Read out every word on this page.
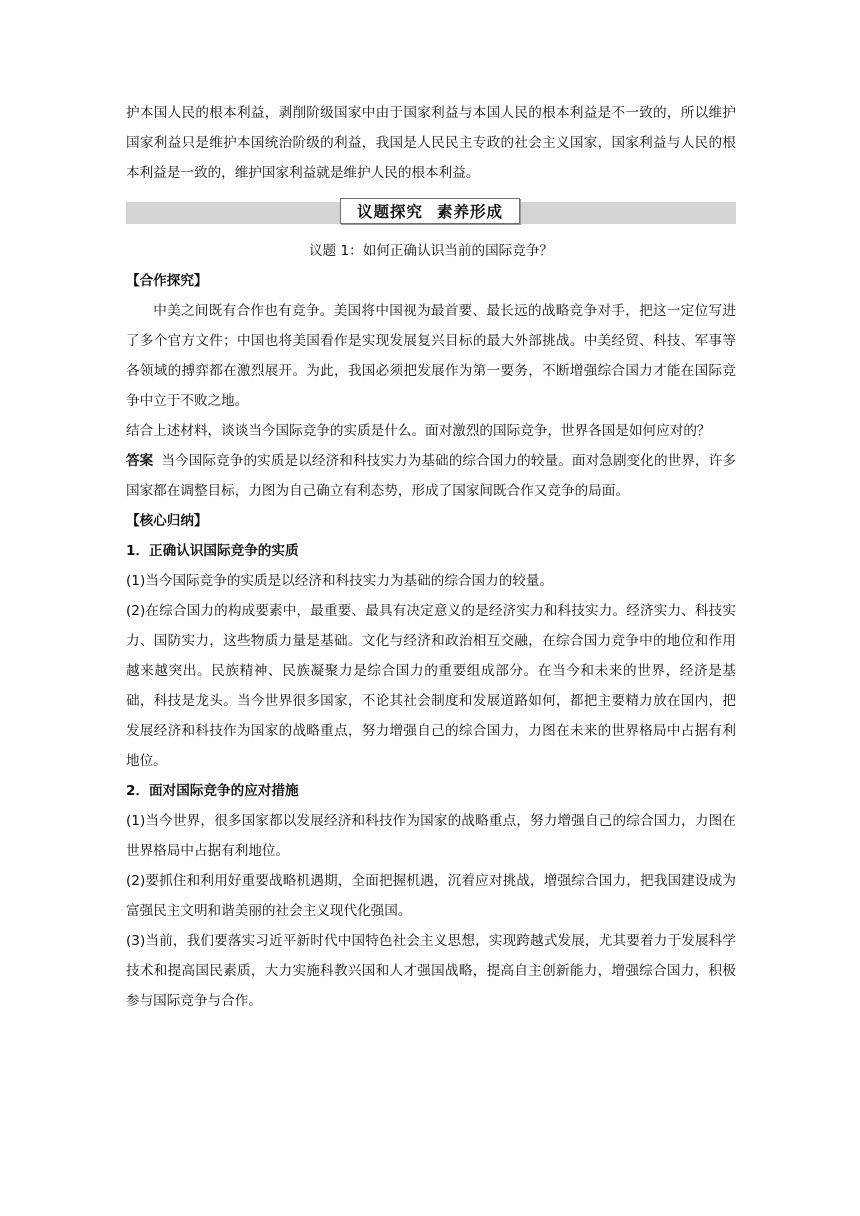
护本国人民的根本利益，剥削阶级国家中由于国家利益与本国人民的根本利益是不一致的，所以维护国家利益只是维护本国统治阶级的利益，我国是人民民主专政的社会主义国家，国家利益与人民的根本利益是一致的，维护国家利益就是维护人民的根本利益。

议题探究 素养形成

议题 1：如何正确认识当前的国际竞争？

【合作探究】

中美之间既有合作也有竞争。美国将中国视为最首要、最长远的战略竞争对手，把这一定位写进了多个官方文件；中国也将美国看作是实现发展复兴目标的最大外部挑战。中美经贸、科技、军事等各领域的搏弈都在激烈展开。为此，我国必须把发展作为第一要务，不断增强综合国力才能在国际竞争中立于不败之地。

结合上述材料，谈谈当今国际竞争的实质是什么。面对激烈的国际竞争，世界各国是如何应对的？

答案 当今国际竞争的实质是以经济和科技实力为基础的综合国力的较量。面对急剧变化的世界，许多国家都在调整目标，力图为自己确立有利态势，形成了国家间既合作又竞争的局面。

【核心归纳】

1．正确认识国际竞争的实质

(1)当今国际竞争的实质是以经济和科技实力为基础的综合国力的较量。

(2)在综合国力的构成要素中，最重要、最具有决定意义的是经济实力和科技实力。经济实力、科技实力、国防实力，这些物质力量是基础。文化与经济和政治相互交融，在综合国力竞争中的地位和作用越来越突出。民族精神、民族凝聚力是综合国力的重要组成部分。在当今和未来的世界，经济是基础，科技是龙头。当今世界很多国家，不论其社会制度和发展道路如何，都把主要精力放在国内，把发展经济和科技作为国家的战略重点，努力增强自己的综合国力，力图在未来的世界格局中占据有利地位。

2．面对国际竞争的应对措施

(1)当今世界，很多国家都以发展经济和科技作为国家的战略重点，努力增强自己的综合国力，力图在世界格局中占据有利地位。

(2)要抓住和利用好重要战略机遇期，全面把握机遇，沉着应对挑战，增强综合国力，把我国建设成为富强民主文明和谐美丽的社会主义现代化强国。

(3)当前，我们要落实习近平新时代中国特色社会主义思想，实现跨越式发展，尤其要着力于发展科学技术和提高国民素质，大力实施科教兴国和人才强国战略，提高自主创新能力，增强综合国力，积极参与国际竞争与合作。
